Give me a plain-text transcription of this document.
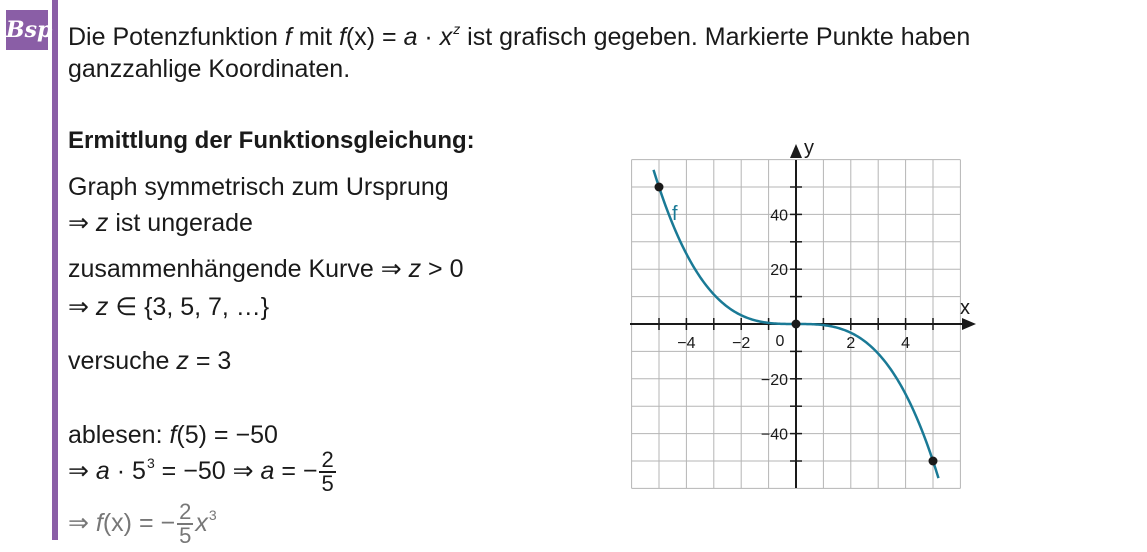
Bsp Die Potenzfunktion f mit $f(x) = a \cdot x^z$ ist grafisch gegeben. Markierte Punkte haben
ganzzahlige Koordinaten.
Ermittlung der Funktionsgleichung:
Graph symmetrisch zum Ursprung
⇒ z ist ungerade
zusammenhängende Kurve ⇒ z > 0
⇒ z ∈ {3, 5, 7, …}
versuche z = 3
ablesen: f(5) = −50
⇒ $a \cdot 5^3 = -50$ ⇒ a = − $\frac{2}{5}$
⇒ f(x) = − $\frac{2}{5} x^3$
−4 −2	2	4
40
20
−20
−40
0
f
x
y
